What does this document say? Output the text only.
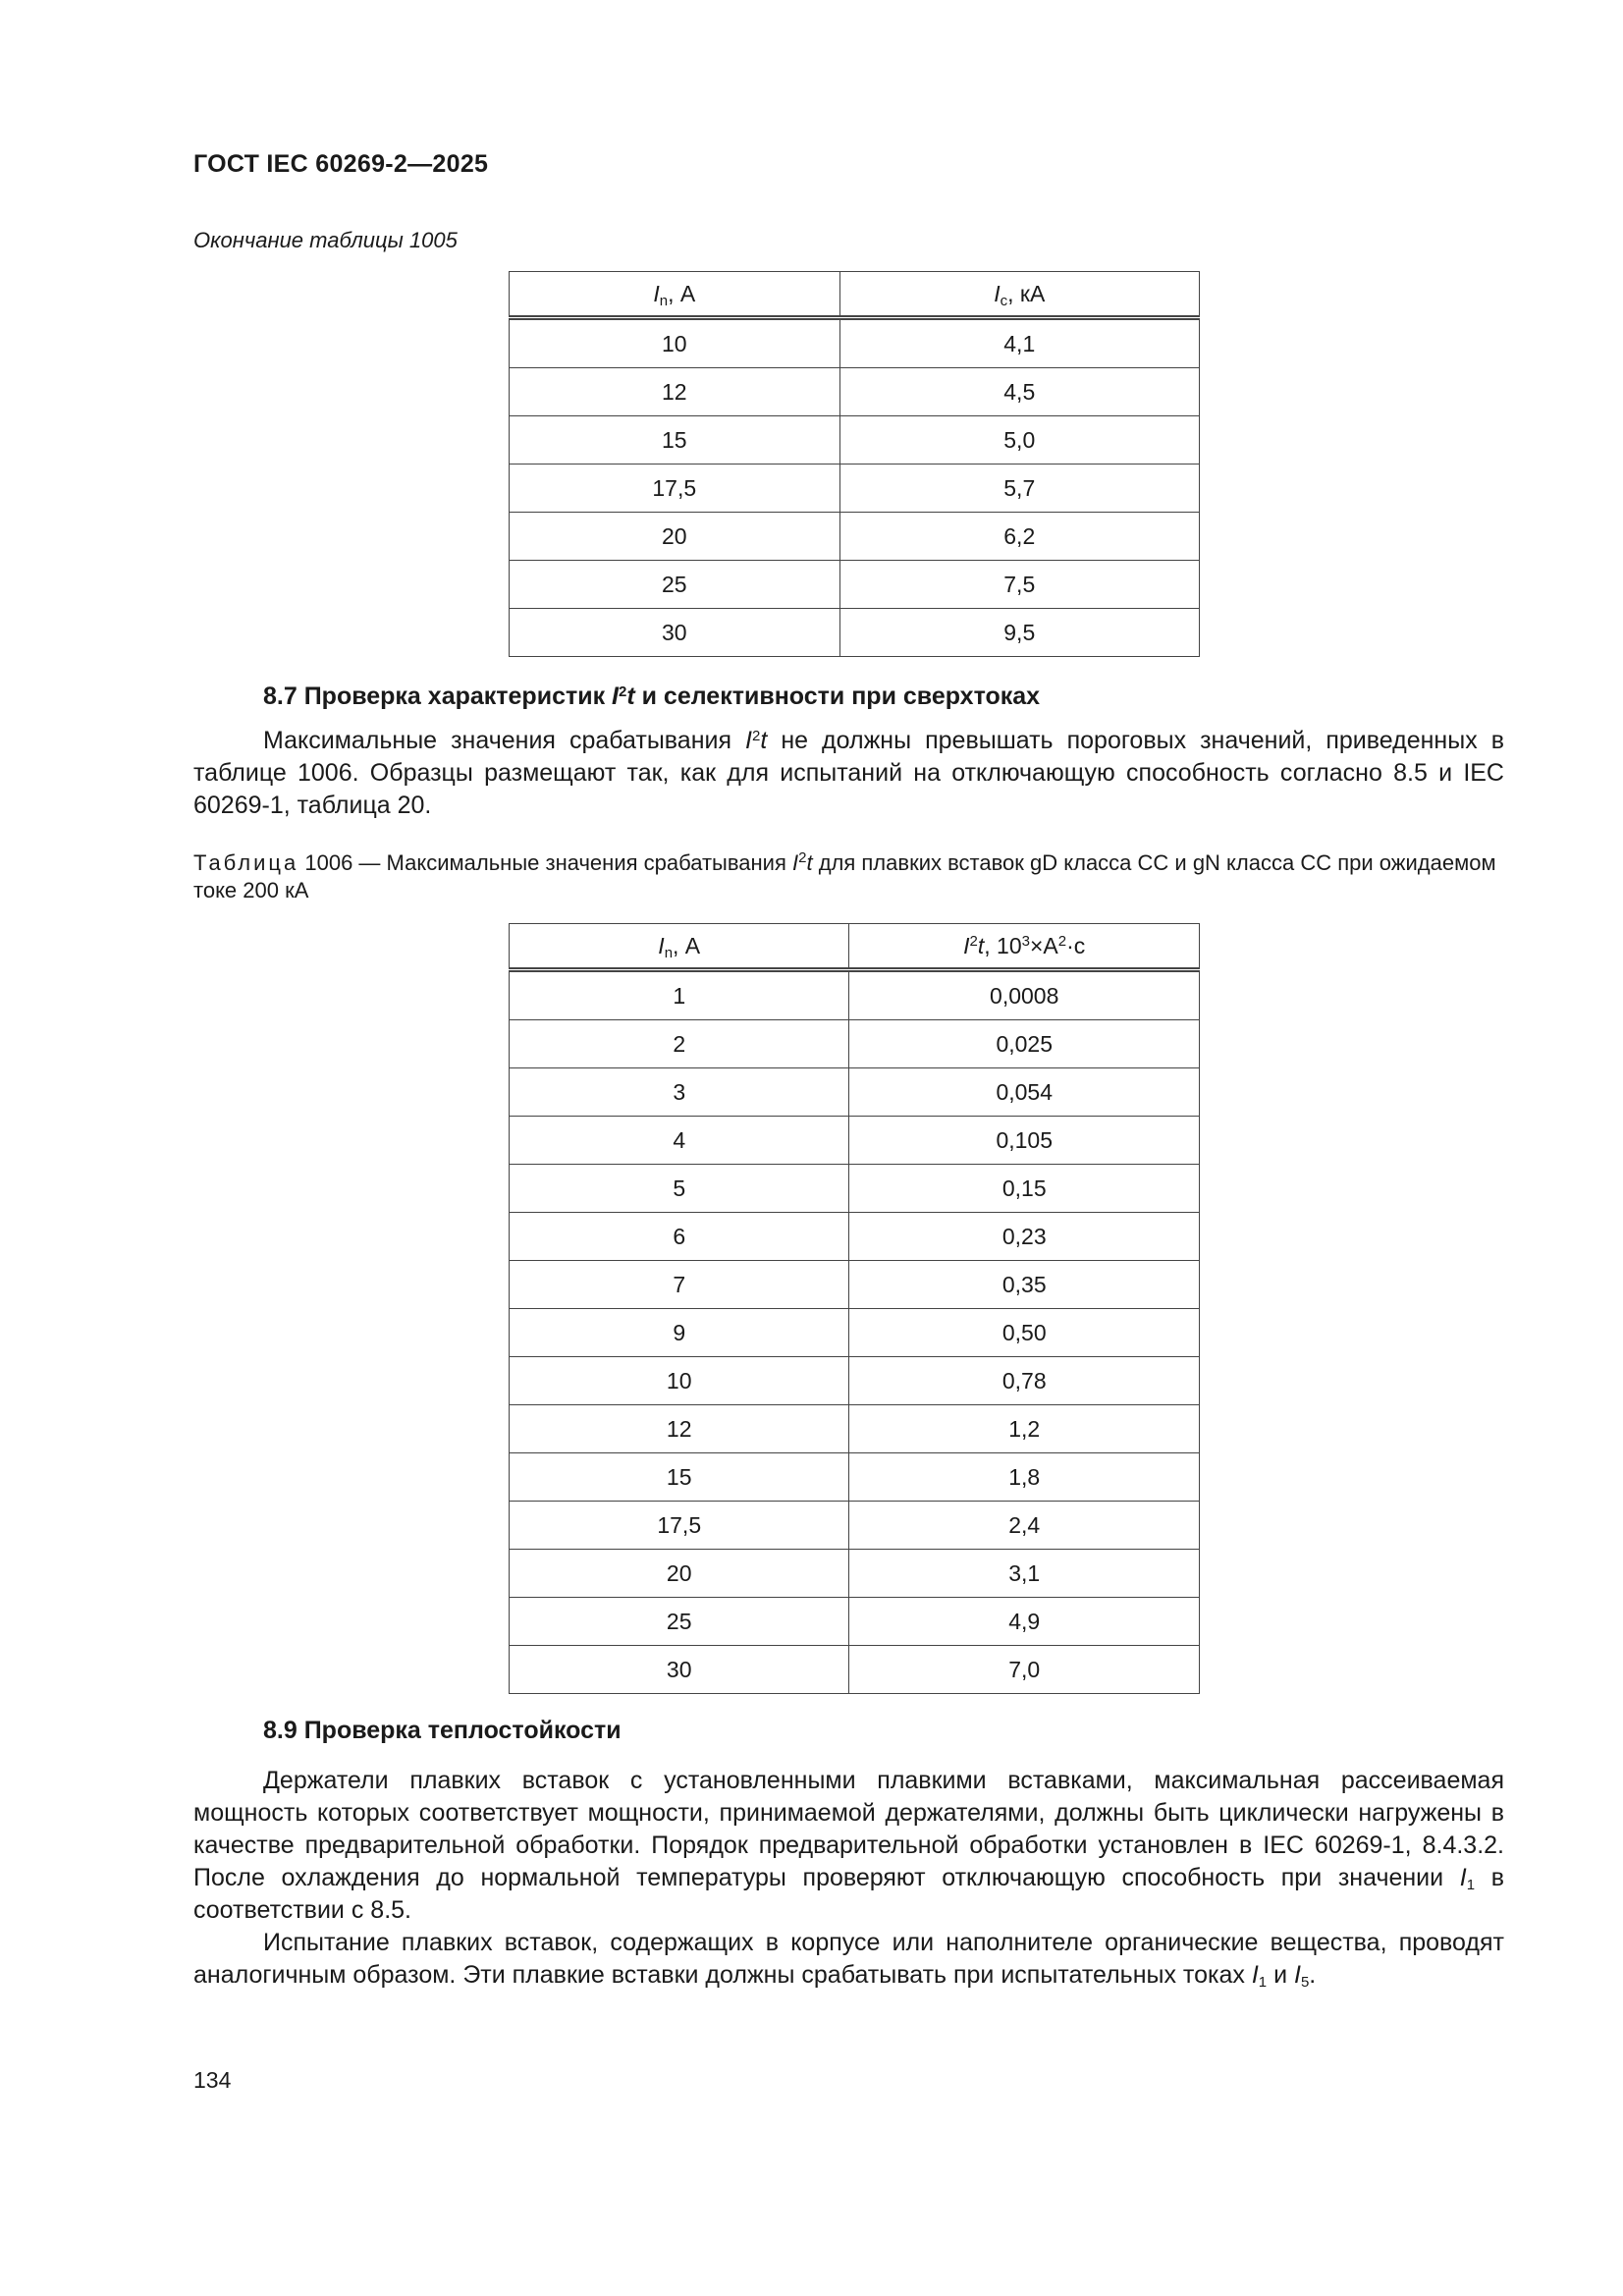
ГОСТ IEC 60269-2—2025
Окончание таблицы 1005
$I_n$, А	$I_c$, кА
10	4,1
12	4,5
15	5,0
17,5	5,7
20	6,2
25	7,5
30	9,5
8.7 Проверка характеристик $I^2t$ и селективности при сверхтоках
Максимальные значения срабатывания $I^2t$ не должны превышать пороговых значений, приведенных в таблице 1006. Образцы размещают так, как для испытаний на отключающую способность согласно 8.5 и IEC 60269-1, таблица 20.
Таблица 1006 — Максимальные значения срабатывания $I^2t$ для плавких вставок gD класса CC и gN класса CC при ожидаемом токе 200 кА
$I_n$, А	$I^2t$, $10^3\times А^2\cdot с$
1	0,0008
2	0,025
3	0,054
4	0,105
5	0,15
6	0,23
7	0,35
9	0,50
10	0,78
12	1,2
15	1,8
17,5	2,4
20	3,1
25	4,9
30	7,0
8.9 Проверка теплостойкости
Держатели плавких вставок с установленными плавкими вставками, максимальная рассеиваемая мощность которых соответствует мощности, принимаемой держателями, должны быть циклически нагружены в качестве предварительной обработки. Порядок предварительной обработки установлен в IEC 60269-1, 8.4.3.2. После охлаждения до нормальной температуры проверяют отключающую способность при значении $I_1$ в соответствии с 8.5.
Испытание плавких вставок, содержащих в корпусе или наполнителе органические вещества, проводят аналогичным образом. Эти плавкие вставки должны срабатывать при испытательных токах $I_1$ и $I_5$.
134
